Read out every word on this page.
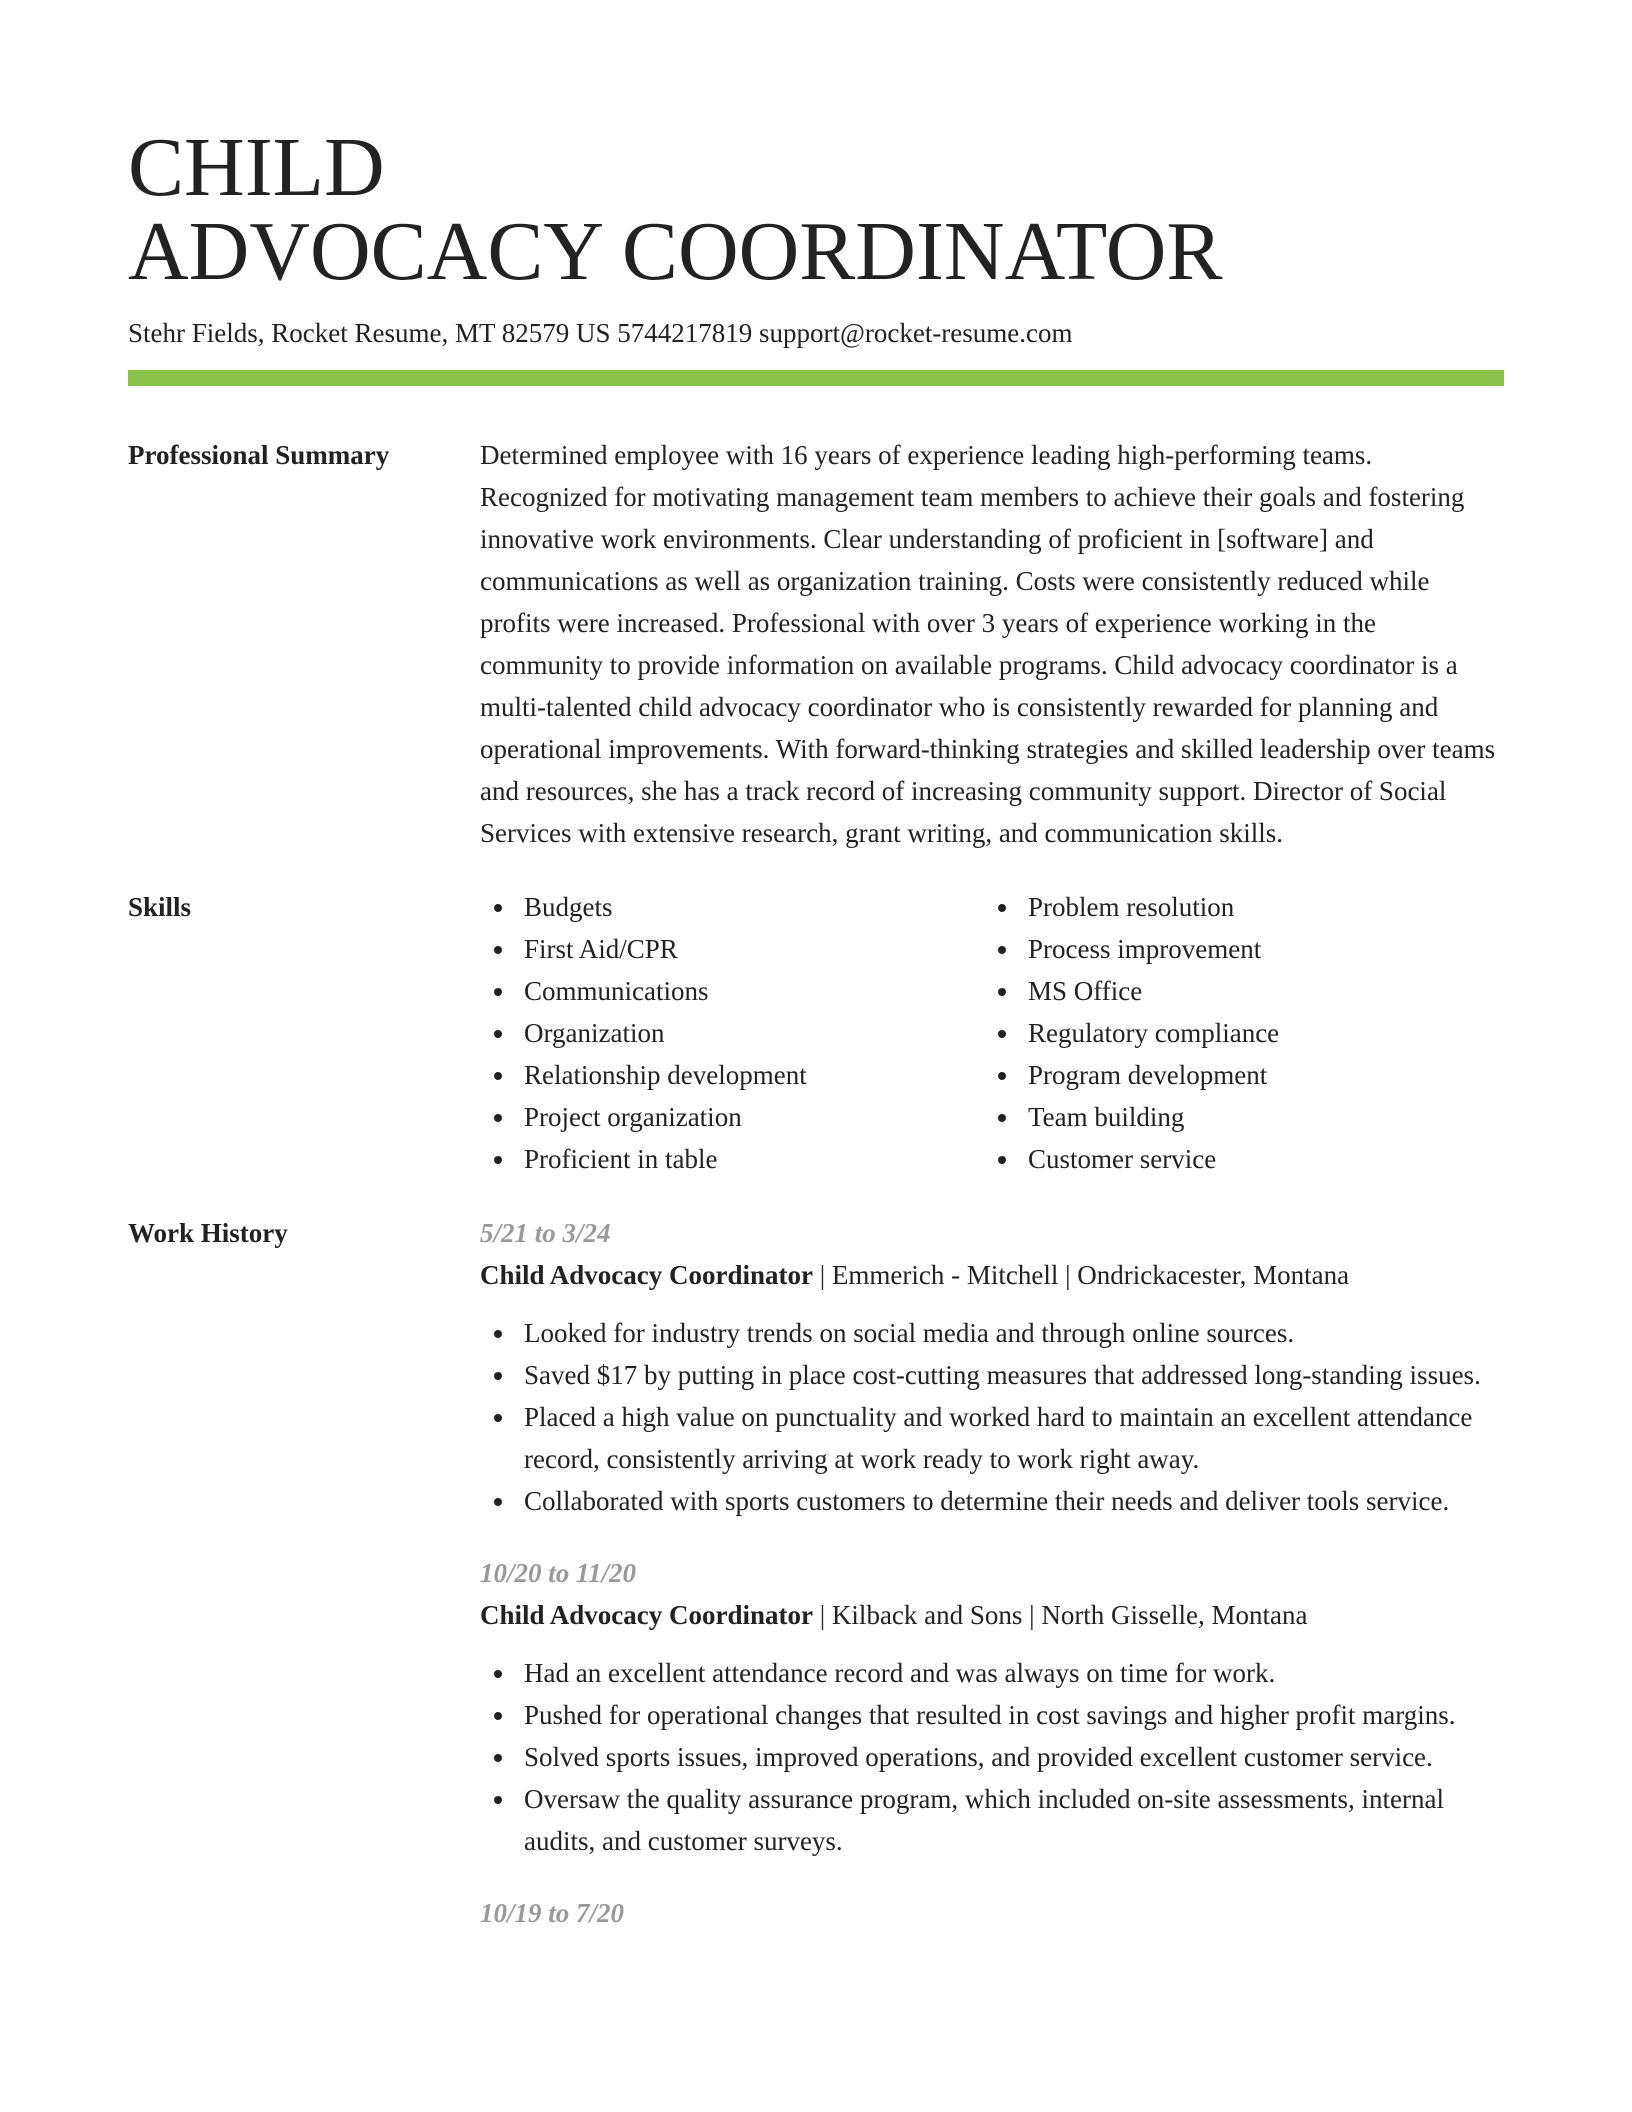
CHILD
ADVOCACY COORDINATOR
Stehr Fields, Rocket Resume, MT 82579 US 5744217819 support@rocket-resume.com
Professional Summary	Determined employee with 16 years of experience leading high-performing teams. Recognized for motivating management team members to achieve their goals and fostering innovative work environments. Clear understanding of proficient in [software] and communications as well as organization training. Costs were consistently reduced while profits were increased. Professional with over 3 years of experience working in the community to provide information on available programs. Child advocacy coordinator is a multi-talented child advocacy coordinator who is consistently rewarded for planning and operational improvements. With forward-thinking strategies and skilled leadership over teams and resources, she has a track record of increasing community support. Director of Social Services with extensive research, grant writing, and communication skills.
Skills	Budgets
First Aid/CPR
Communications
Organization
Relationship development
Project organization
Proficient in table
Problem resolution
Process improvement
MS Office
Regulatory compliance
Program development
Team building
Customer service
Work History	5/21 to 3/24
Child Advocacy Coordinator | Emmerich - Mitchell | Ondrickacester, Montana
Looked for industry trends on social media and through online sources.
Saved $17 by putting in place cost-cutting measures that addressed long-standing issues.
Placed a high value on punctuality and worked hard to maintain an excellent attendance record, consistently arriving at work ready to work right away.
Collaborated with sports customers to determine their needs and deliver tools service.
10/20 to 11/20
Child Advocacy Coordinator | Kilback and Sons | North Gisselle, Montana
Had an excellent attendance record and was always on time for work.
Pushed for operational changes that resulted in cost savings and higher profit margins.
Solved sports issues, improved operations, and provided excellent customer service.
Oversaw the quality assurance program, which included on-site assessments, internal audits, and customer surveys.
10/19 to 7/20
